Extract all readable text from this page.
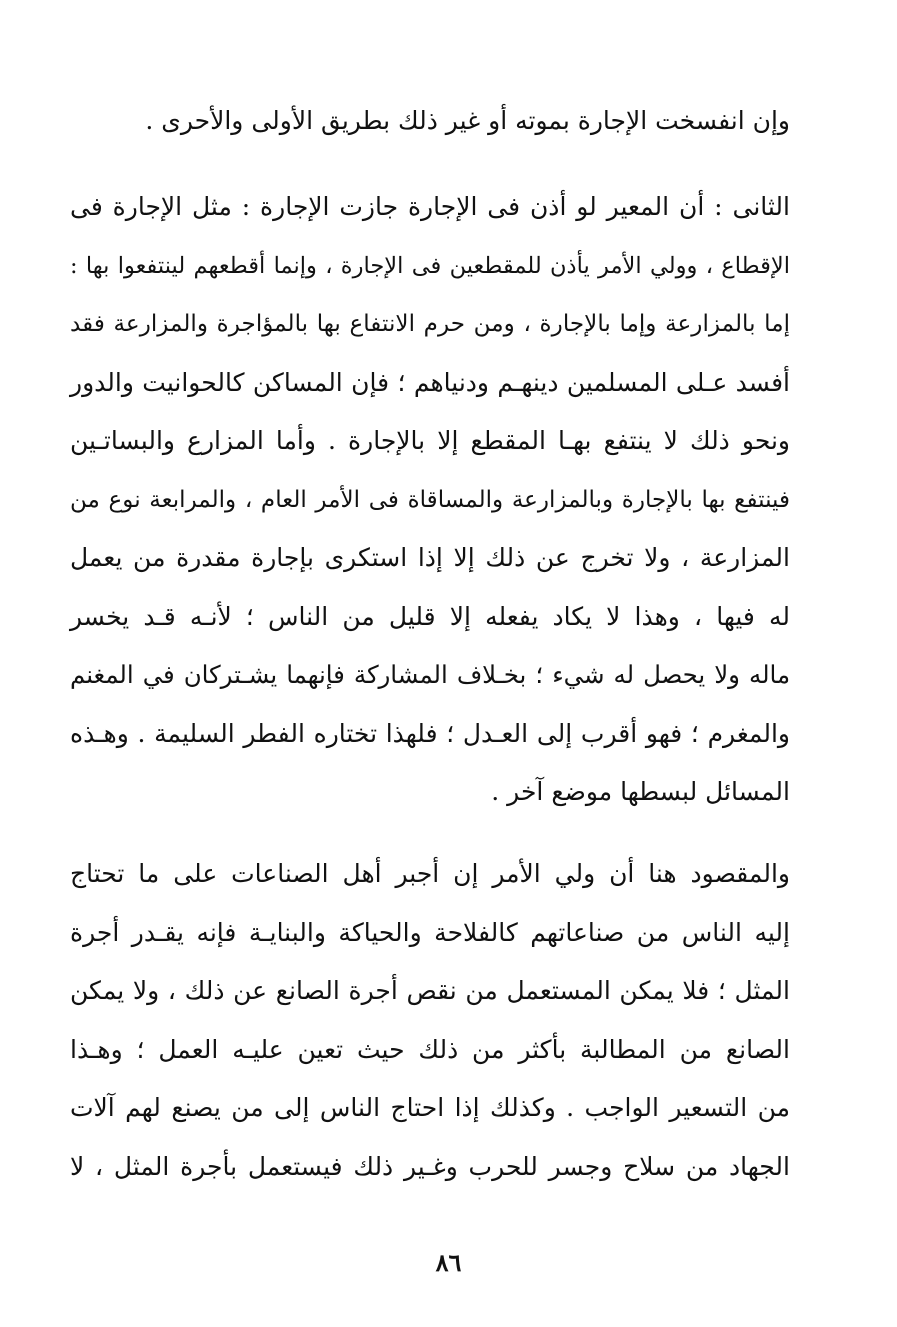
وإن انفسخت الإجارة بموته أو غير ذلك بطريق الأولى والأحرى .
الثانى : أن المعير لو أذن فى الإجارة جازت الإجارة : مثل الإجارة فى
الإقطاع ، وولي الأمر يأذن للمقطعين فى الإجارة ، وإنما أقطعهم لينتفعوا بها :
إما بالمزارعة وإما بالإجارة ، ومن حرم الانتفاع بها بالمؤاجرة والمزارعة فقد
أفسد عـلى المسلمين دينهـم ودنياهم ؛ فإن المساكن كالحوانيت والدور
ونحو ذلك لا ينتفع بهـا المقطع إلا بالإجارة . وأما المزارع والبساتـين
فينتفع بها بالإجارة وبالمزارعة والمساقاة فى الأمر العام ، والمرابعة نوع من
المزارعة ، ولا تخرج عن ذلك إلا إذا استكرى بإجارة مقدرة من يعمل
له فيها ، وهذا لا يكاد يفعله إلا قليل من الناس ؛ لأنـه قـد يخسر
ماله ولا يحصل له شيء ؛ بخـلاف المشاركة فإنهما يشـتركان في المغنم
والمغرم ؛ فهو أقرب إلى العـدل ؛ فلهذا تختاره الفطر السليمة . وهـذه
المسائل لبسطها موضع آخر .
والمقصود هنا أن ولي الأمر إن أجبر أهل الصناعات على ما تحتاج
إليه الناس من صناعاتهم كالفلاحة والحياكة والبنايـة فإنه يقـدر أجرة
المثل ؛ فلا يمكن المستعمل من نقص أجرة الصانع عن ذلك ، ولا يمكن
الصانع من المطالبة بأكثر من ذلك حيث تعين عليـه العمل ؛ وهـذا
من التسعير الواجب . وكذلك إذا احتاج الناس إلى من يصنع لهم آلات
الجهاد من سلاح وجسر للحرب وغـير ذلك فيستعمل بأجرة المثل ، لا
٨٦
